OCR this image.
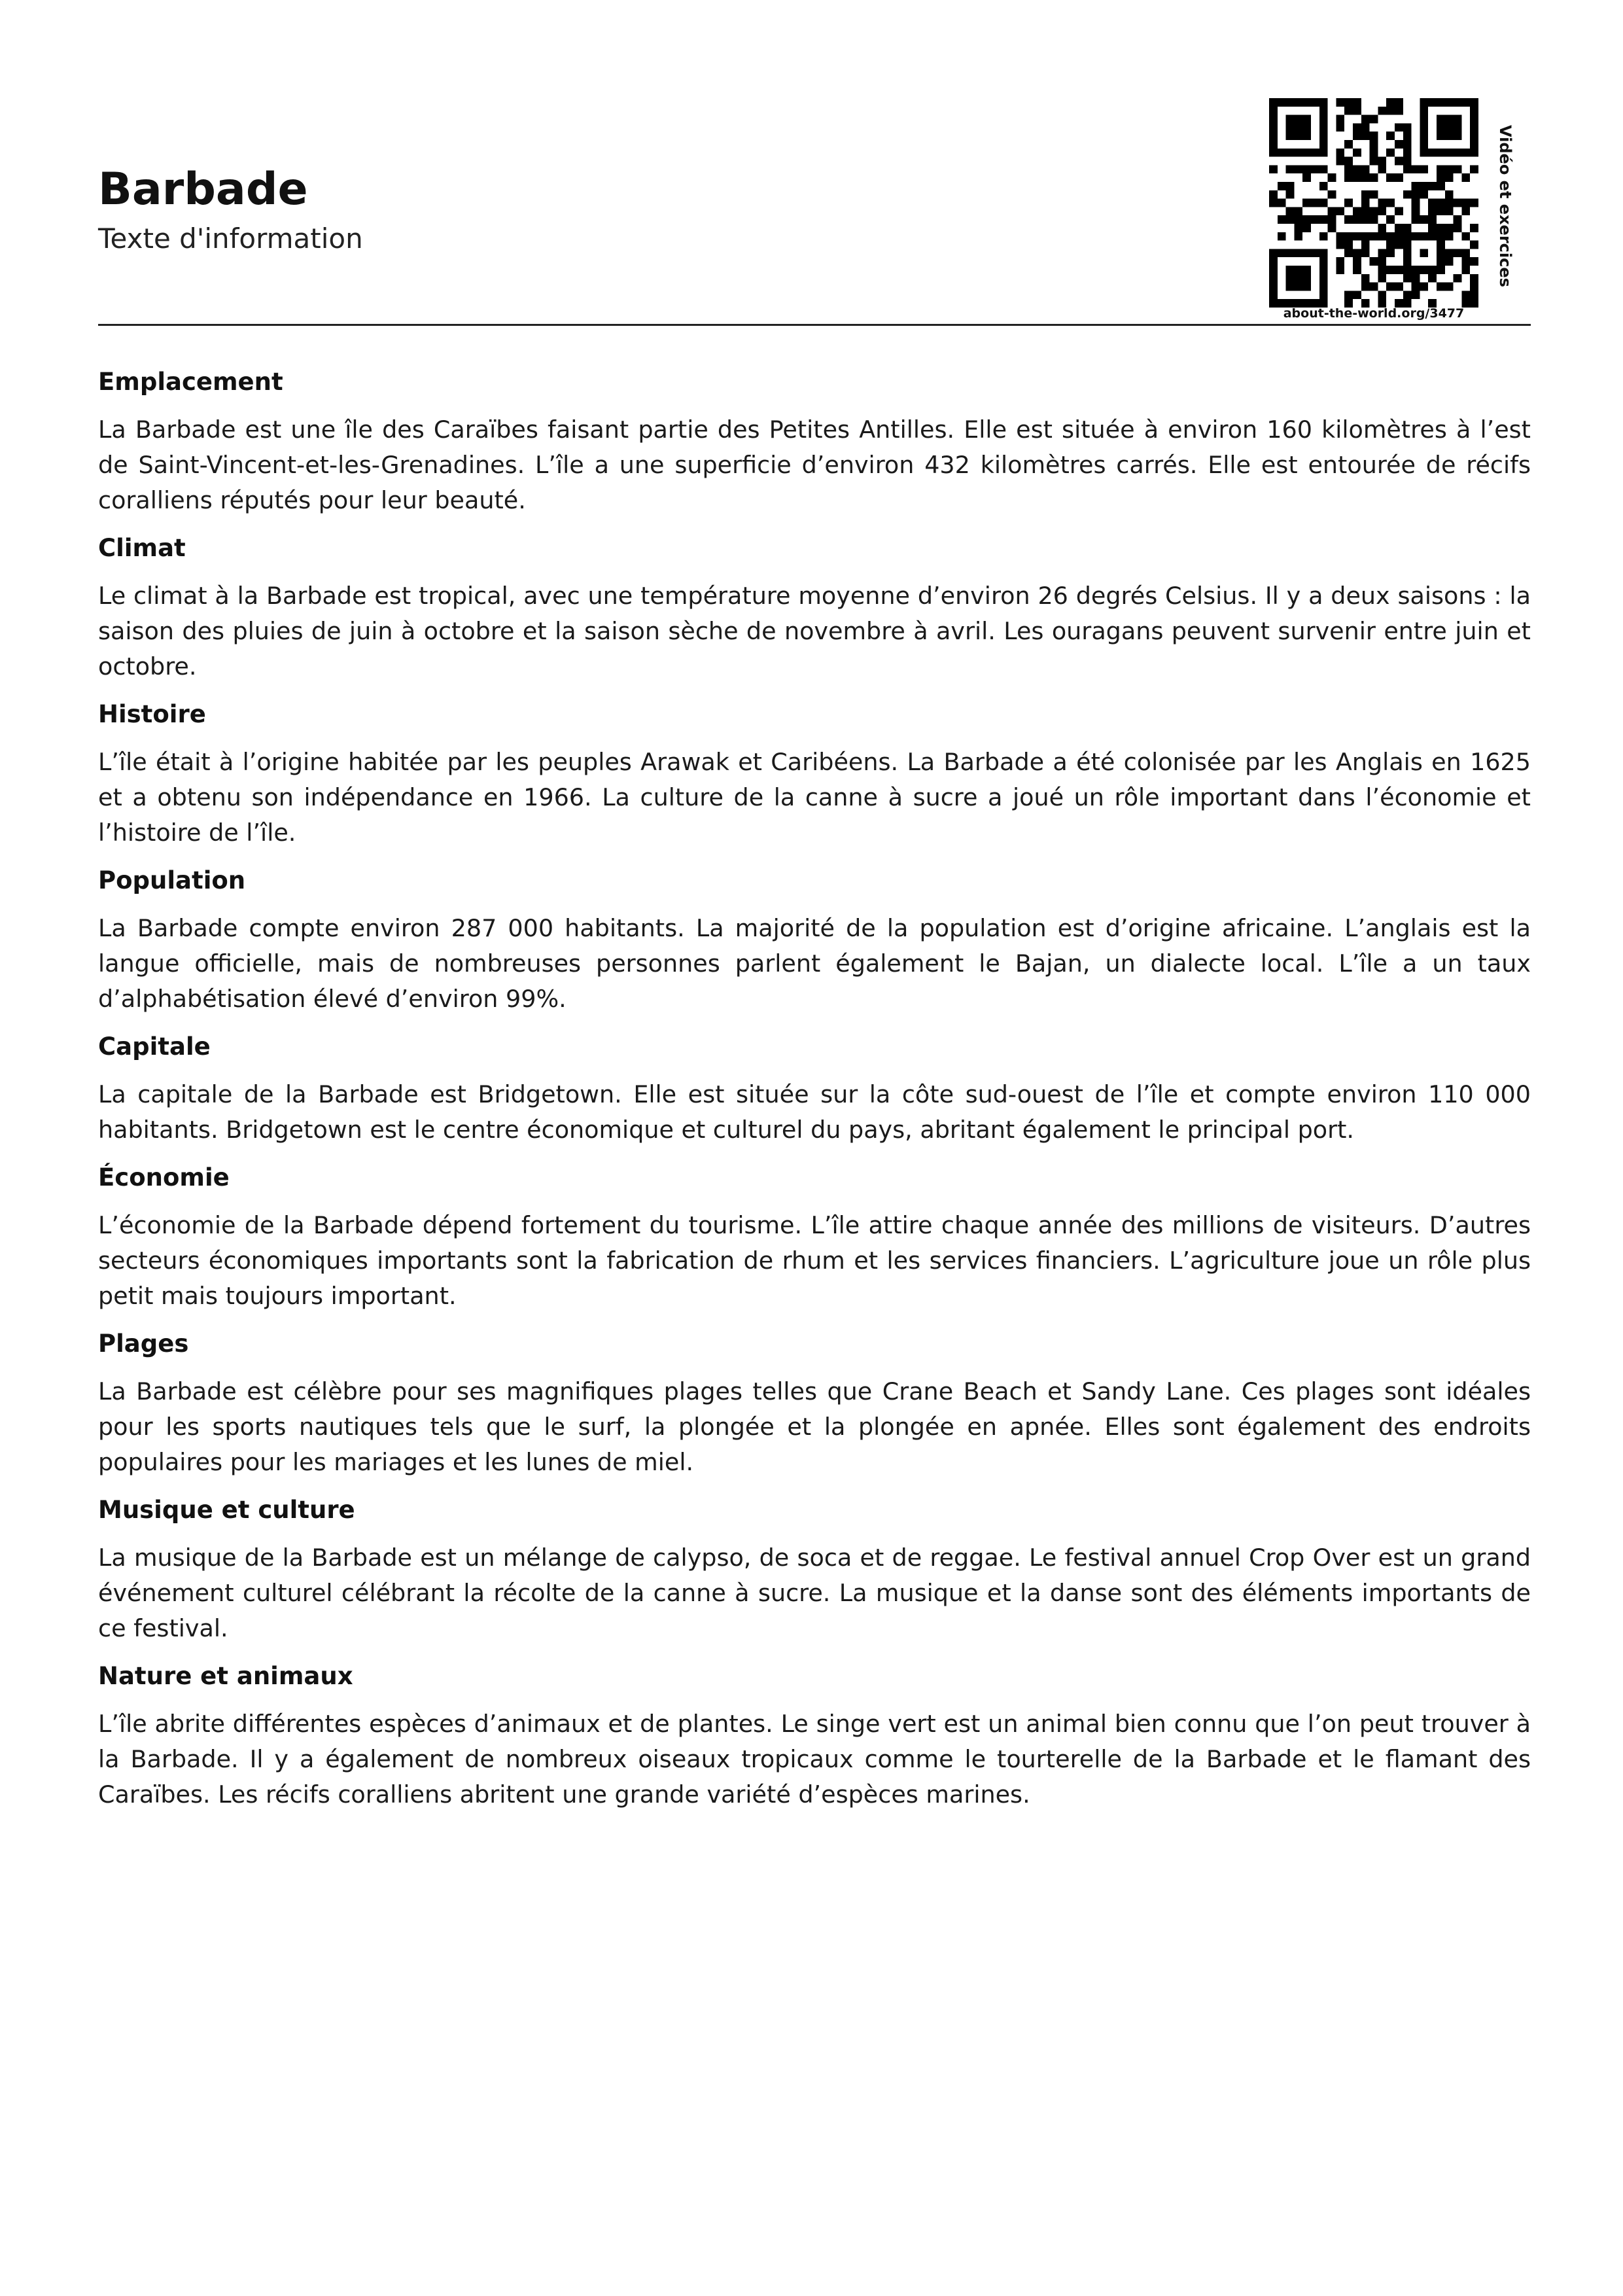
Barbade

Texte d'information

about-the-world.org/3477
Vidéo et exercices
Emplacement

La Barbade est une île des Caraïbes faisant partie des Petites Antilles. Elle est située à environ 160 kilomètres à l’est de Saint-Vincent-et-les-Grenadines. L’île a une superficie d’environ 432 kilomètres carrés. Elle est entourée de récifs coralliens réputés pour leur beauté.

Climat

Le climat à la Barbade est tropical, avec une température moyenne d’environ 26 degrés Celsius. Il y a deux saisons : la saison des pluies de juin à octobre et la saison sèche de novembre à avril. Les ouragans peuvent survenir entre juin et octobre.

Histoire

L’île était à l’origine habitée par les peuples Arawak et Caribéens. La Barbade a été colonisée par les Anglais en 1625 et a obtenu son indépendance en 1966. La culture de la canne à sucre a joué un rôle important dans l’économie et l’histoire de l’île.

Population

La Barbade compte environ 287 000 habitants. La majorité de la population est d’origine africaine. L’anglais est la langue officielle, mais de nombreuses personnes parlent également le Bajan, un dialecte local. L’île a un taux d’alphabétisation élevé d’environ 99%.

Capitale

La capitale de la Barbade est Bridgetown. Elle est située sur la côte sud-ouest de l’île et compte environ 110 000 habitants. Bridgetown est le centre économique et culturel du pays, abritant également le principal port.

Économie

L’économie de la Barbade dépend fortement du tourisme. L’île attire chaque année des millions de visiteurs. D’autres secteurs économiques importants sont la fabrication de rhum et les services financiers. L’agriculture joue un rôle plus petit mais toujours important.

Plages

La Barbade est célèbre pour ses magnifiques plages telles que Crane Beach et Sandy Lane. Ces plages sont idéales pour les sports nautiques tels que le surf, la plongée et la plongée en apnée. Elles sont également des endroits populaires pour les mariages et les lunes de miel.

Musique et culture

La musique de la Barbade est un mélange de calypso, de soca et de reggae. Le festival annuel Crop Over est un grand événement culturel célébrant la récolte de la canne à sucre. La musique et la danse sont des éléments importants de ce festival.

Nature et animaux

L’île abrite différentes espèces d’animaux et de plantes. Le singe vert est un animal bien connu que l’on peut trouver à la Barbade. Il y a également de nombreux oiseaux tropicaux comme le tourterelle de la Barbade et le flamant des Caraïbes. Les récifs coralliens abritent une grande variété d’espèces marines.
